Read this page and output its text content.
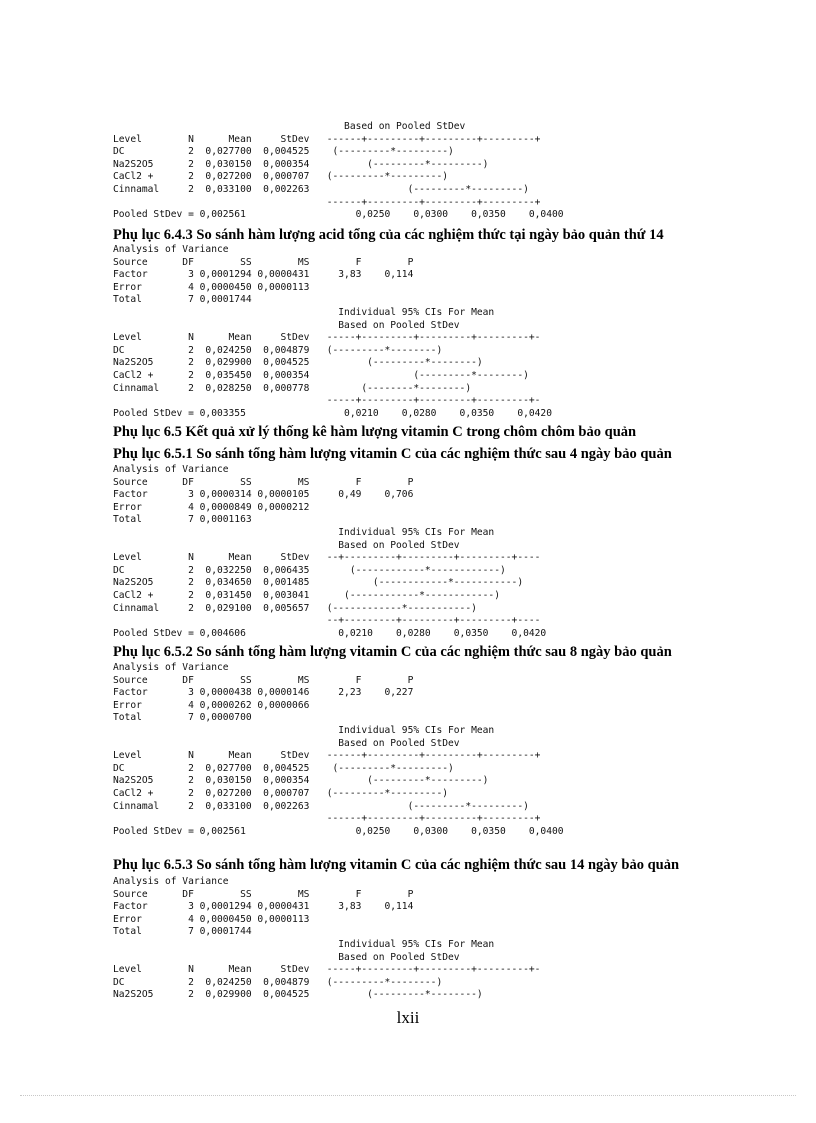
Based on Pooled StDev
Level        N      Mean     StDev   ------+---------+---------+---------+
DC           2  0,027700  0,004525    (---------*---------)
Na2S2O5      2  0,030150  0,000354          (---------*---------)
CaCl2 +      2  0,027200  0,000707   (---------*---------)
Cinnamal     2  0,033100  0,002263                 (---------*---------)
------+---------+---------+---------+
Pooled StDev = 0,002561                   0,0250    0,0300    0,0350    0,0400
Phụ lục 6.4.3 So sánh hàm lượng acid tổng của các nghiệm thức tại ngày bảo quản thứ 14
Analysis of Variance
Source      DF        SS        MS        F        P
Factor       3 0,0001294 0,0000431     3,83    0,114
Error        4 0,0000450 0,0000113
Total        7 0,0001744
Individual 95% CIs For Mean
Based on Pooled StDev
Level        N      Mean     StDev   -----+---------+---------+---------+-
DC           2  0,024250  0,004879   (---------*--------)
Na2S2O5      2  0,029900  0,004525          (---------*--------)
CaCl2 +      2  0,035450  0,000354                  (---------*--------)
Cinnamal     2  0,028250  0,000778         (--------*--------)
-----+---------+---------+---------+-
Pooled StDev = 0,003355                 0,0210    0,0280    0,0350    0,0420
Phụ lục 6.5 Kết quả xử lý thống kê hàm lượng vitamin C trong chôm chôm bảo quản
Phụ lục 6.5.1 So sánh tổng hàm lượng vitamin C của các nghiệm thức sau 4 ngày bảo quản
Analysis of Variance
Source      DF        SS        MS        F        P
Factor       3 0,0000314 0,0000105     0,49    0,706
Error        4 0,0000849 0,0000212
Total        7 0,0001163
Individual 95% CIs For Mean
Based on Pooled StDev
Level        N      Mean     StDev   --+---------+---------+---------+----
DC           2  0,032250  0,006435       (------------*------------)
Na2S2O5      2  0,034650  0,001485           (------------*-----------)
CaCl2 +      2  0,031450  0,003041      (------------*------------)
Cinnamal     2  0,029100  0,005657   (------------*-----------)
--+---------+---------+---------+----
Pooled StDev = 0,004606                0,0210    0,0280    0,0350    0,0420
Phụ lục 6.5.2 So sánh tổng hàm lượng vitamin C của các nghiệm thức sau 8 ngày bảo quản
Analysis of Variance
Source      DF        SS        MS        F        P
Factor       3 0,0000438 0,0000146     2,23    0,227
Error        4 0,0000262 0,0000066
Total        7 0,0000700
Individual 95% CIs For Mean
Based on Pooled StDev
Level        N      Mean     StDev   ------+---------+---------+---------+
DC           2  0,027700  0,004525    (---------*---------)
Na2S2O5      2  0,030150  0,000354          (---------*---------)
CaCl2 +      2  0,027200  0,000707   (---------*---------)
Cinnamal     2  0,033100  0,002263                 (---------*---------)
------+---------+---------+---------+
Pooled StDev = 0,002561                   0,0250    0,0300    0,0350    0,0400
Phụ lục 6.5.3 So sánh tổng hàm lượng vitamin C của các nghiệm thức sau 14 ngày bảo quản
Analysis of Variance
Source      DF        SS        MS        F        P
Factor       3 0,0001294 0,0000431     3,83    0,114
Error        4 0,0000450 0,0000113
Total        7 0,0001744
Individual 95% CIs For Mean
Based on Pooled StDev
Level        N      Mean     StDev   -----+---------+---------+---------+-
DC           2  0,024250  0,004879   (---------*--------)
Na2S2O5      2  0,029900  0,004525          (---------*--------)
lxii
